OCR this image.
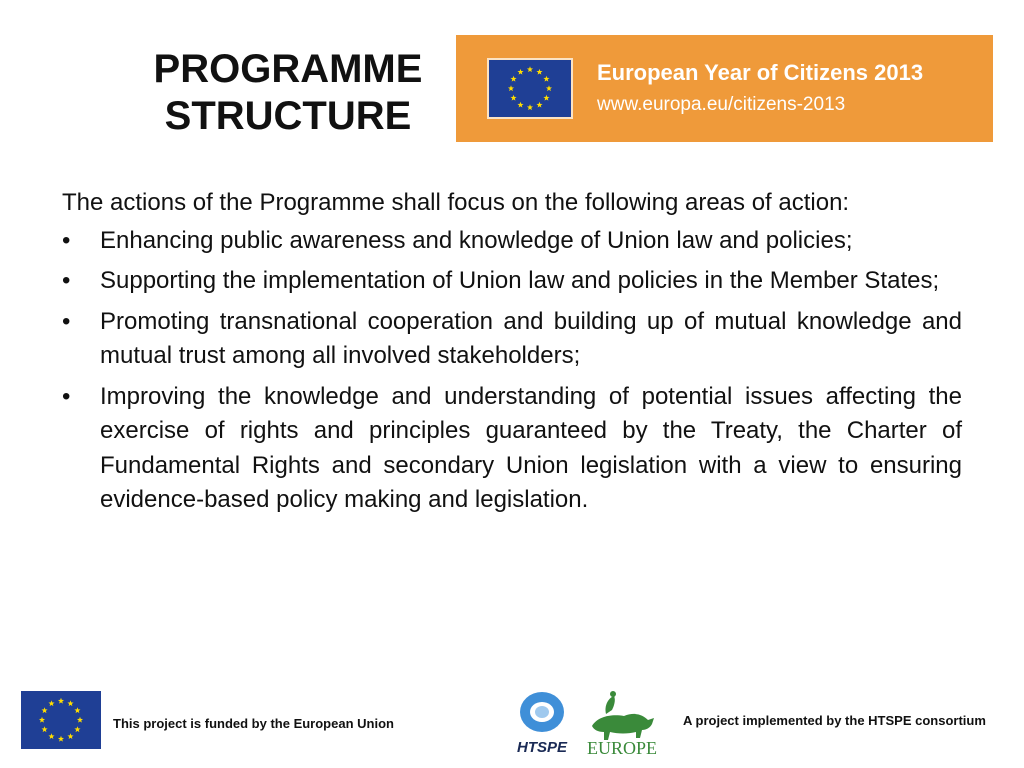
PROGRAMME
STRUCTURE
European Year of Citizens 2013
www.europa.eu/citizens-2013

The actions of the Programme shall focus on the following areas of action:

• Enhancing public awareness and knowledge of Union law and policies;
• Supporting the implementation of Union law and policies in the Member States;
• Promoting transnational cooperation and building up of mutual knowledge and mutual trust among all involved stakeholders;
• Improving the knowledge and understanding of potential issues affecting the exercise of rights and principles guaranteed by the Treaty, the Charter of Fundamental Rights and secondary Union legislation with a view to ensuring evidence-based policy making and legislation.
This project is funded by the European Union
HTSPE EUROPE
A project implemented by the HTSPE consortium
